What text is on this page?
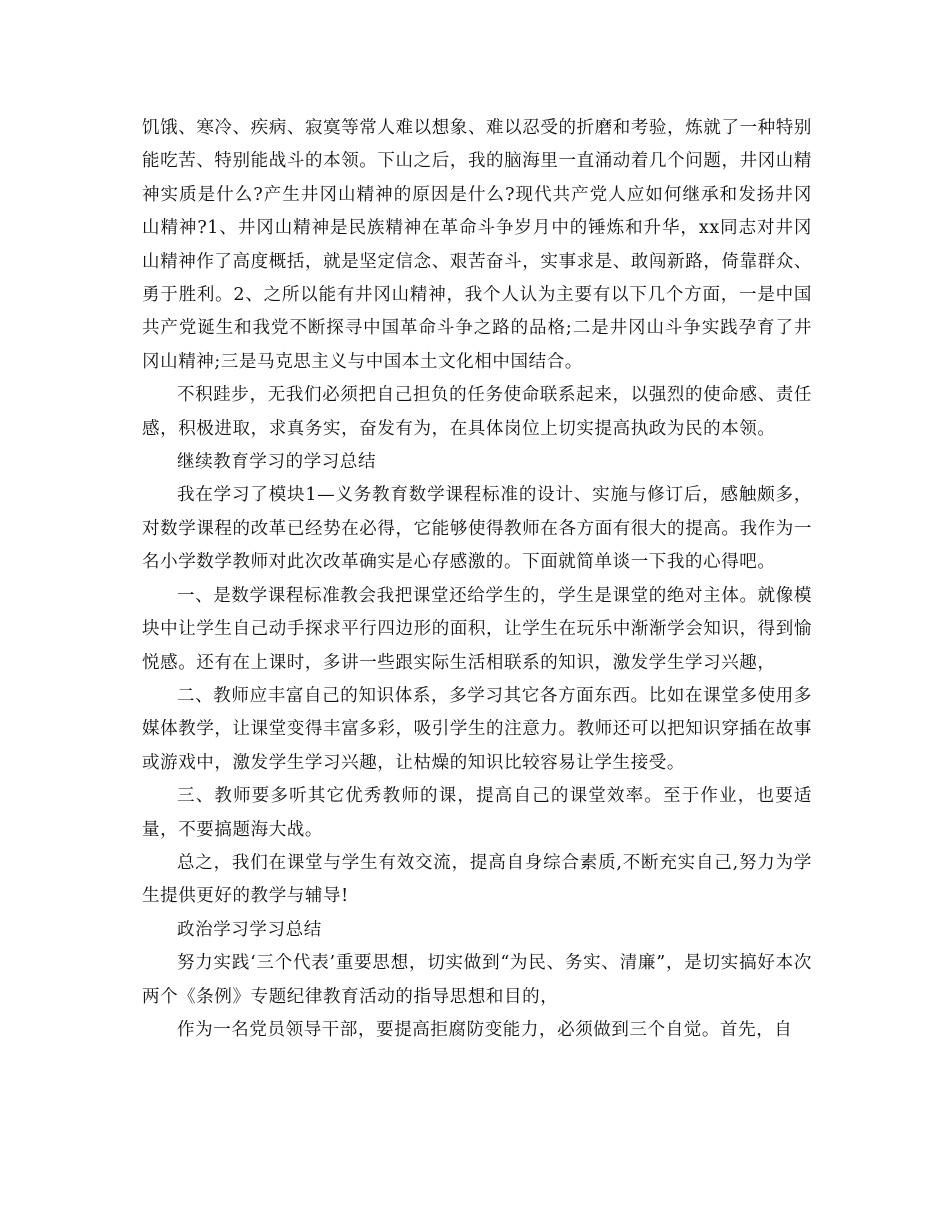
饥饿、寒冷、疾病、寂寞等常人难以想象、难以忍受的折磨和考验，炼就了一种特别能吃苦、特别能战斗的本领。下山之后，我的脑海里一直涌动着几个问题，井冈山精神实质是什么?产生井冈山精神的原因是什么?现代共产党人应如何继承和发扬井冈山精神?1、井冈山精神是民族精神在革命斗争岁月中的锤炼和升华，xx同志对井冈山精神作了高度概括，就是坚定信念、艰苦奋斗，实事求是、敢闯新路，倚靠群众、勇于胜利。2、之所以能有井冈山精神，我个人认为主要有以下几个方面，一是中国共产党诞生和我党不断探寻中国革命斗争之路的品格;二是井冈山斗争实践孕育了井冈山精神;三是马克思主义与中国本土文化相中国结合。

不积跬步，无我们必须把自己担负的任务使命联系起来，以强烈的使命感、责任感，积极进取，求真务实，奋发有为，在具体岗位上切实提高执政为民的本领。

继续教育学习的学习总结

我在学习了模块1—义务教育数学课程标准的设计、实施与修订后，感触颇多，对数学课程的改革已经势在必得，它能够使得教师在各方面有很大的提高。我作为一名小学数学教师对此次改革确实是心存感激的。下面就简单谈一下我的心得吧。

一、是数学课程标准教会我把课堂还给学生的，学生是课堂的绝对主体。就像模块中让学生自己动手探求平行四边形的面积，让学生在玩乐中渐渐学会知识，得到愉悦感。还有在上课时，多讲一些跟实际生活相联系的知识，激发学生学习兴趣，

二、教师应丰富自己的知识体系，多学习其它各方面东西。比如在课堂多使用多媒体教学，让课堂变得丰富多彩，吸引学生的注意力。教师还可以把知识穿插在故事或游戏中，激发学生学习兴趣，让枯燥的知识比较容易让学生接受。

三、教师要多听其它优秀教师的课，提高自己的课堂效率。至于作业，也要适量，不要搞题海大战。

总之，我们在课堂与学生有效交流，提高自身综合素质,不断充实自己,努力为学生提供更好的教学与辅导!

政治学习学习总结

努力实践‘三个代表’重要思想，切实做到“为民、务实、清廉”，是切实搞好本次两个《条例》专题纪律教育活动的指导思想和目的，

作为一名党员领导干部，要提高拒腐防变能力，必须做到三个自觉。首先，自
